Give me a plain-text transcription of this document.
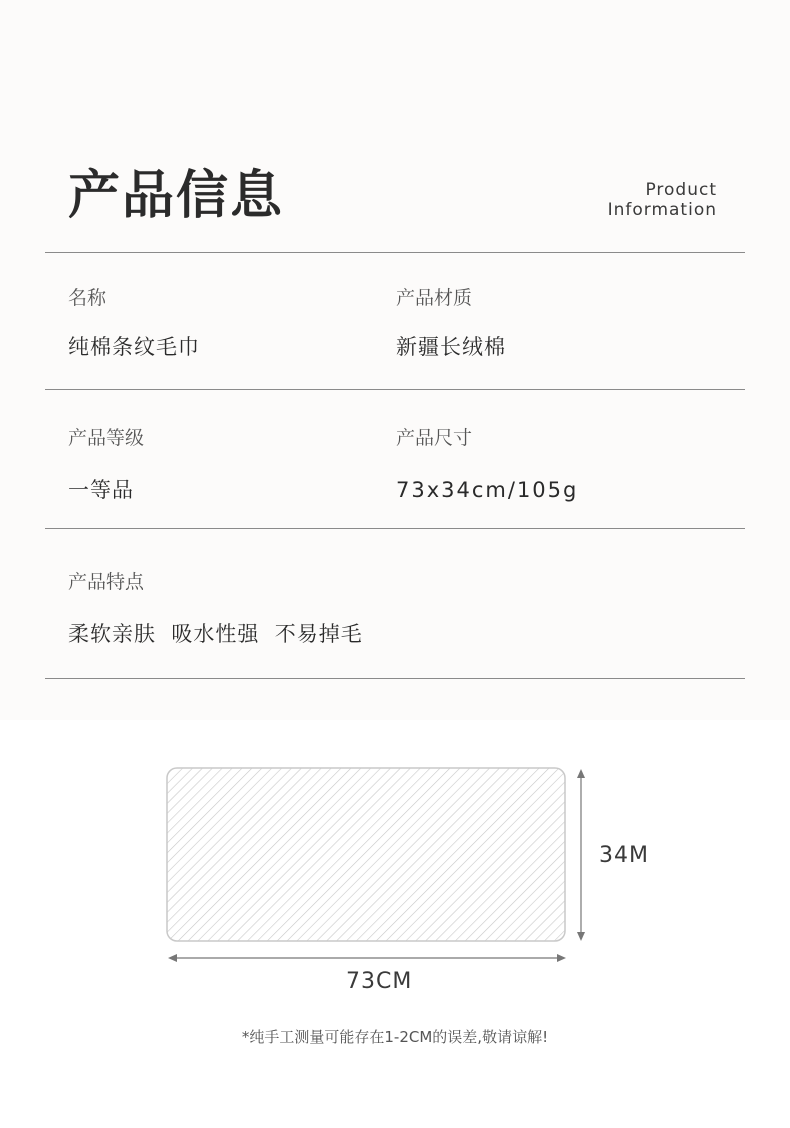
产品信息	Product
Information
名称
纯棉条纹毛巾
产品材质
新疆长绒棉
产品等级
一等品
产品尺寸
73x34cm/105g
产品特点
柔软亲肤  吸水性强  不易掉毛
34M
73CM
*纯手工测量可能存在1-2CM的误差,敬请谅解!
